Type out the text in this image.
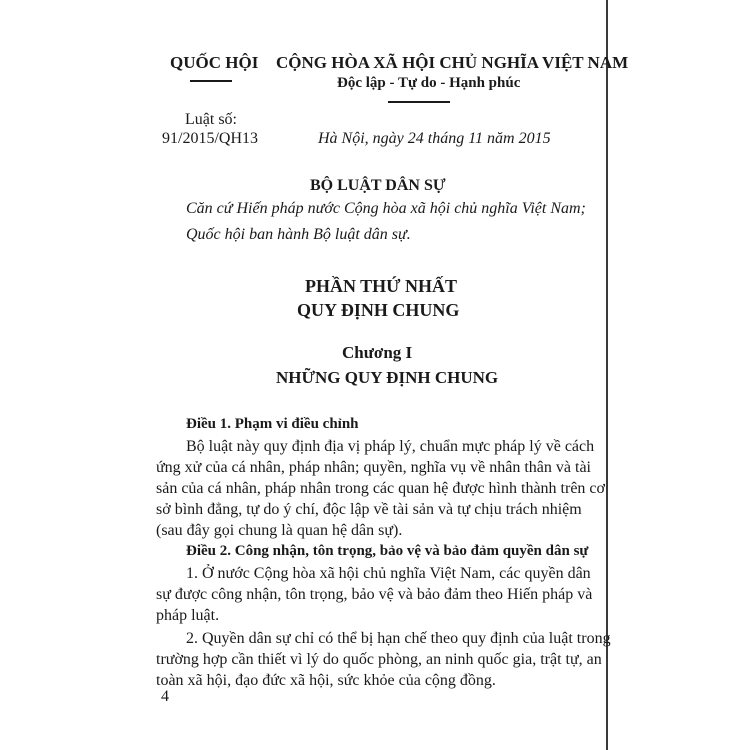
QUỐC HỘI CỘNG HÒA XÃ HỘI CHỦ NGHĨA VIỆT NAM
Độc lập - Tự do - Hạnh phúc
Luật số:
91/2015/QH13	Hà Nội, ngày 24 tháng 11 năm 2015
BỘ LUẬT DÂN SỰ
Căn cứ Hiến pháp nước Cộng hòa xã hội chủ nghĩa Việt Nam;
Quốc hội ban hành Bộ luật dân sự.
PHẦN THỨ NHẤT
QUY ĐỊNH CHUNG
Chương I
NHỮNG QUY ĐỊNH CHUNG
Điều 1. Phạm vi điều chỉnh
Bộ luật này quy định địa vị pháp lý, chuẩn mực pháp lý về cách
ứng xử của cá nhân, pháp nhân; quyền, nghĩa vụ về nhân thân và tài
sản của cá nhân, pháp nhân trong các quan hệ được hình thành trên cơ
sở bình đẳng, tự do ý chí, độc lập về tài sản và tự chịu trách nhiệm
(sau đây gọi chung là quan hệ dân sự).
Điều 2. Công nhận, tôn trọng, bảo vệ và bảo đảm quyền dân sự
1. Ở nước Cộng hòa xã hội chủ nghĩa Việt Nam, các quyền dân
sự được công nhận, tôn trọng, bảo vệ và bảo đảm theo Hiến pháp và
pháp luật.
2. Quyền dân sự chỉ có thể bị hạn chế theo quy định của luật trong
trường hợp cần thiết vì lý do quốc phòng, an ninh quốc gia, trật tự, an
toàn xã hội, đạo đức xã hội, sức khỏe của cộng đồng.
4
